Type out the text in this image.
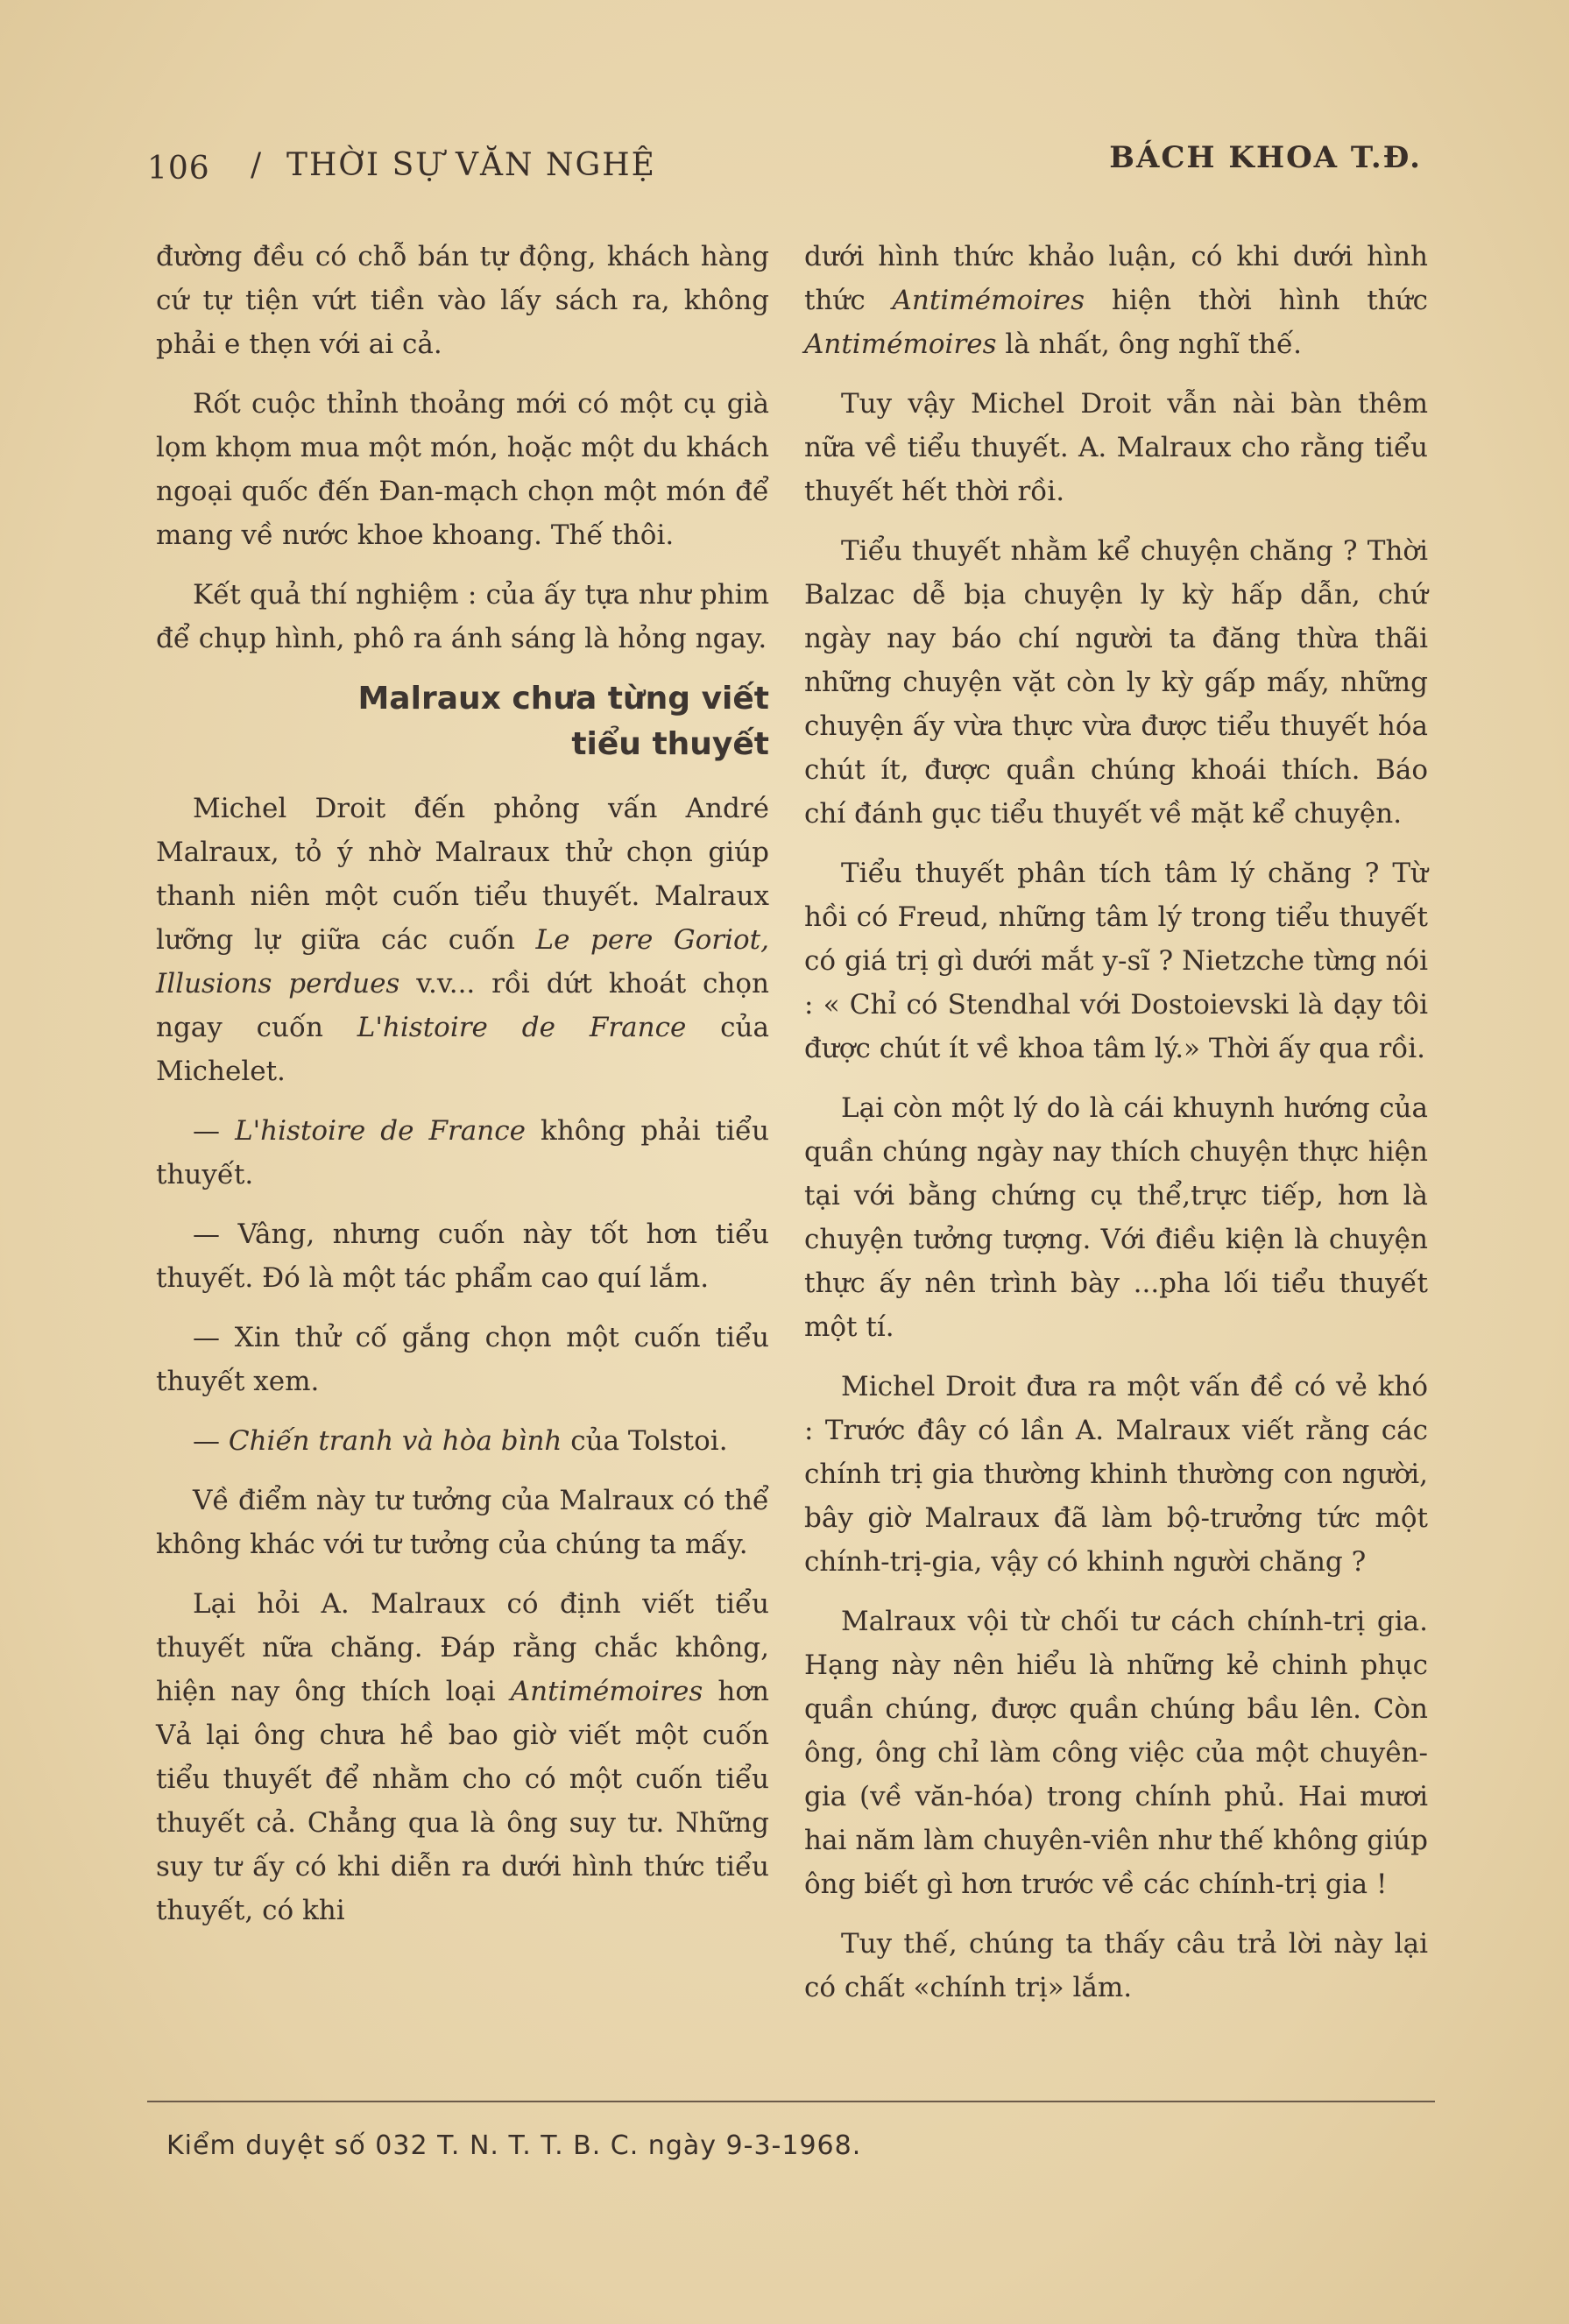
106 /  THỜI SỰ VĂN NGHỆ	BÁCH KHOA T.Đ.

đường đều có chỗ bán tự động, khách hàng cứ tự tiện vứt tiền vào lấy sách ra, không phải e thẹn với ai cả.

Rốt cuộc thỉnh thoảng mới có một cụ già lọm khọm mua một món, hoặc một du khách ngoại quốc đến Đan-mạch chọn một món để mang về nước khoe khoang. Thế thôi.

Kết quả thí nghiệm : của ấy tựa như phim để chụp hình, phô ra ánh sáng là hỏng ngay.

Malraux chưa từng viết
tiểu thuyết

Michel Droit đến phỏng vấn André Malraux, tỏ ý nhờ Malraux thử chọn giúp thanh niên một cuốn tiểu thuyết. Malraux lưỡng lự giữa các cuốn Le pere Goriot, Illusions perdues v.v... rồi dứt khoát chọn ngay cuốn L'histoire de France của Michelet.

— L'histoire de France không phải tiểu thuyết.

— Vâng, nhưng cuốn này tốt hơn tiểu thuyết. Đó là một tác phẩm cao quí lắm.

— Xin thử cố gắng chọn một cuốn tiểu thuyết xem.

— Chiến tranh và hòa bình của Tolstoi.

Về điểm này tư tưởng của Malraux có thể không khác với tư tưởng của chúng ta mấy.

Lại hỏi A. Malraux có định viết tiểu thuyết nữa chăng. Đáp rằng chắc không, hiện nay ông thích loại Antimémoires hơn Vả lại ông chưa hề bao giờ viết một cuốn tiểu thuyết để nhằm cho có một cuốn tiểu thuyết cả. Chẳng qua là ông suy tư. Những suy tư ấy có khi diễn ra dưới hình thức tiểu thuyết, có khi

dưới hình thức khảo luận, có khi dưới hình thức Antimémoires hiện thời hình thức Antimémoires là nhất, ông nghĩ thế.

Tuy vậy Michel Droit vẫn nài bàn thêm nữa về tiểu thuyết. A. Malraux cho rằng tiểu thuyết hết thời rồi.

Tiểu thuyết nhằm kể chuyện chăng ? Thời Balzac dễ bịa chuyện ly kỳ hấp dẫn, chứ ngày nay báo chí người ta đăng thừa thãi những chuyện vặt còn ly kỳ gấp mấy, những chuyện ấy vừa thực vừa được tiểu thuyết hóa chút ít, được quần chúng khoái thích. Báo chí đánh gục tiểu thuyết về mặt kể chuyện.

Tiểu thuyết phân tích tâm lý chăng ? Từ hồi có Freud, những tâm lý trong tiểu thuyết có giá trị gì dưới mắt y-sĩ ? Nietzche từng nói : « Chỉ có Stendhal với Dostoievski là dạy tôi được chút ít về khoa tâm lý.» Thời ấy qua rồi.

Lại còn một lý do là cái khuynh hướng của quần chúng ngày nay thích chuyện thực hiện tại với bằng chứng cụ thể,trực tiếp, hơn là chuyện tưởng tượng. Với điều kiện là chuyện thực ấy nên trình bày ...pha lối tiểu thuyết một tí.

Michel Droit đưa ra một vấn đề có vẻ khó : Trước đây có lần A. Malraux viết rằng các chính trị gia thường khinh thường con người, bây giờ Malraux đã làm bộ-trưởng tức một chính-trị-gia, vậy có khinh người chăng ?

Malraux vội từ chối tư cách chính-trị gia. Hạng này nên hiểu là những kẻ chinh phục quần chúng, được quần chúng bầu lên. Còn ông, ông chỉ làm công việc của một chuyên-gia (về văn-hóa) trong chính phủ. Hai mươi hai năm làm chuyên-viên như thế không giúp ông biết gì hơn trước về các chính-trị gia !

Tuy thế, chúng ta thấy câu trả lời này lại có chất «chính trị» lắm.

Kiểm duyệt số 032 T. N. T. T. B. C. ngày 9-3-1968.
